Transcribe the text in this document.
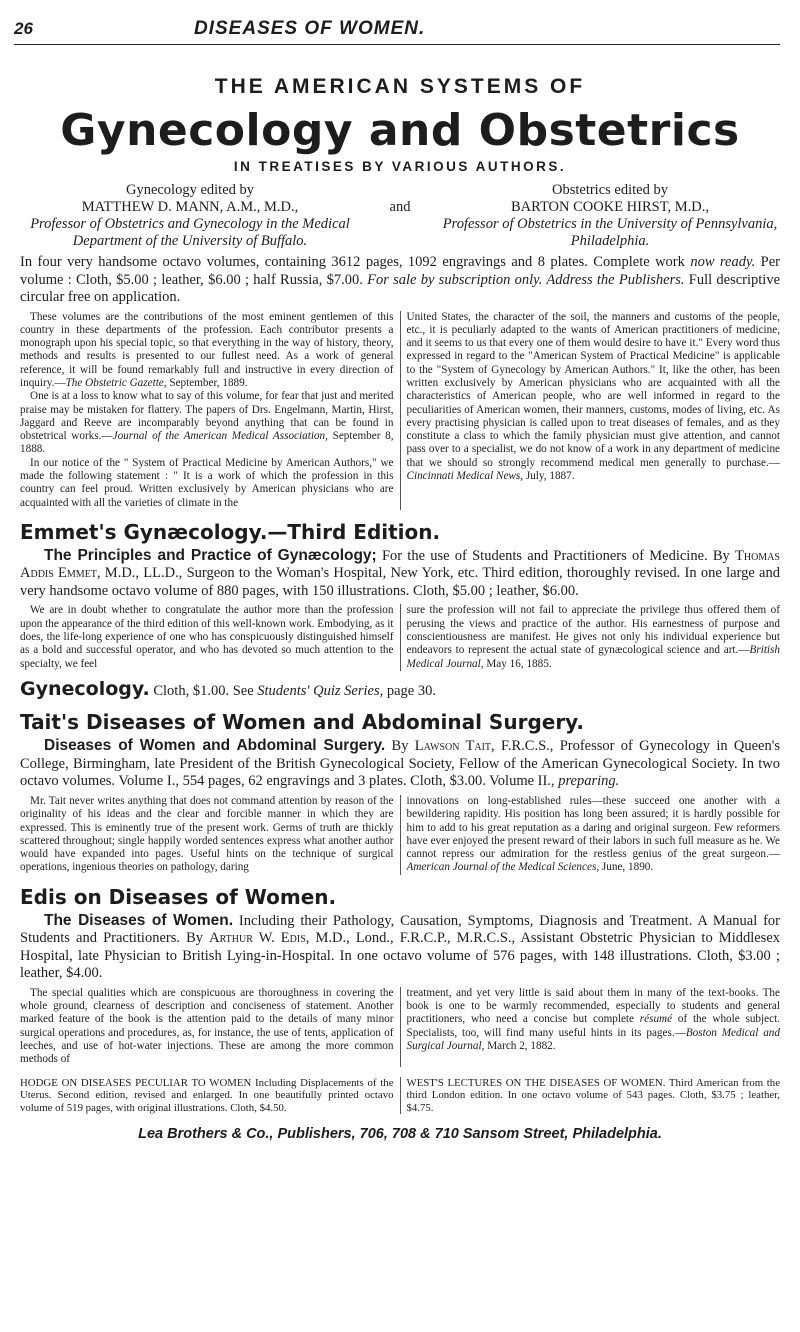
26	DISEASES OF WOMEN.
THE AMERICAN SYSTEMS OF
Gynecology and Obstetrics
IN TREATISES BY VARIOUS AUTHORS.
Gynecology edited by
MATTHEW D. MANN, A.M., M.D.,
Professor of Obstetrics and Gynecology in the Medical Department of the University of Buffalo.
and
Obstetrics edited by
BARTON COOKE HIRST, M.D.,
Professor of Obstetrics in the University of Pennsylvania, Philadelphia.
In four very handsome octavo volumes, containing 3612 pages, 1092 engravings and 8 plates. Complete work now ready. Per volume : Cloth, $5.00 ; leather, $6.00 ; half Russia, $7.00. For sale by subscription only. Address the Publishers. Full descriptive circular free on application.

These volumes are the contributions of the most eminent gentlemen of this country in these departments of the profession. Each contributor presents a monograph upon his special topic, so that everything in the way of history, theory, methods and results is presented to our fullest need. As a work of general reference, it will be found remarkably full and instructive in every direction of inquiry.—The Obstetric Gazette, September, 1889.

One is at a loss to know what to say of this volume, for fear that just and merited praise may be mistaken for flattery. The papers of Drs. Engelmann, Martin, Hirst, Jaggard and Reeve are incomparably beyond anything that can be found in obstetrical works.—Journal of the American Medical Association, September 8, 1888.

In our notice of the " System of Practical Medicine by American Authors," we made the following statement : " It is a work of which the profession in this country can feel proud. Written exclusively by American physicians who are acquainted with all the varieties of climate in the

United States, the character of the soil, the manners and customs of the people, etc., it is peculiarly adapted to the wants of American practitioners of medicine, and it seems to us that every one of them would desire to have it." Every word thus expressed in regard to the "American System of Practical Medicine" is applicable to the "System of Gynecology by American Authors." It, like the other, has been written exclusively by American physicians who are acquainted with all the characteristics of American people, who are well informed in regard to the peculiarities of American women, their manners, customs, modes of living, etc. As every practising physician is called upon to treat diseases of females, and as they constitute a class to which the family physician must give attention, and cannot pass over to a specialist, we do not know of a work in any department of medicine that we should so strongly recommend medical men generally to purchase.—Cincinnati Medical News, July, 1887.

Emmet's Gynæcology.—Third Edition.
The Principles and Practice of Gynæcology; For the use of Students and Practitioners of Medicine. By Thomas Addis Emmet, M.D., LL.D., Surgeon to the Woman's Hospital, New York, etc. Third edition, thoroughly revised. In one large and very handsome octavo volume of 880 pages, with 150 illustrations. Cloth, $5.00 ; leather, $6.00.

We are in doubt whether to congratulate the author more than the profession upon the appearance of the third edition of this well-known work. Embodying, as it does, the life-long experience of one who has conspicuously distinguished himself as a bold and successful operator, and who has devoted so much attention to the specialty, we feel

sure the profession will not fail to appreciate the privilege thus offered them of perusing the views and practice of the author. His earnestness of purpose and conscientiousness are manifest. He gives not only his individual experience but endeavors to represent the actual state of gynæcological science and art.—British Medical Journal, May 16, 1885.

Gynecology. Cloth, $1.00. See Students' Quiz Series, page 30.
Tait's Diseases of Women and Abdominal Surgery.
Diseases of Women and Abdominal Surgery. By Lawson Tait, F.R.C.S., Professor of Gynecology in Queen's College, Birmingham, late President of the British Gynecological Society, Fellow of the American Gynecological Society. In two octavo volumes. Volume I., 554 pages, 62 engravings and 3 plates. Cloth, $3.00. Volume II., preparing.

Mr. Tait never writes anything that does not command attention by reason of the originality of his ideas and the clear and forcible manner in which they are expressed. This is eminently true of the present work. Germs of truth are thickly scattered throughout; single happily worded sentences express what another author would have expanded into pages. Useful hints on the technique of surgical operations, ingenious theories on pathology, daring

innovations on long-established rules—these succeed one another with a bewildering rapidity. His position has long been assured; it is hardly possible for him to add to his great reputation as a daring and original surgeon. Few reformers have ever enjoyed the present reward of their labors in such full measure as he. We cannot repress our admiration for the restless genius of the great surgeon.—American Journal of the Medical Sciences, June, 1890.

Edis on Diseases of Women.
The Diseases of Women. Including their Pathology, Causation, Symptoms, Diagnosis and Treatment. A Manual for Students and Practitioners. By Arthur W. Edis, M.D., Lond., F.R.C.P., M.R.C.S., Assistant Obstetric Physician to Middlesex Hospital, late Physician to British Lying-in-Hospital. In one octavo volume of 576 pages, with 148 illustrations. Cloth, $3.00 ; leather, $4.00.

The special qualities which are conspicuous are thoroughness in covering the whole ground, clearness of description and conciseness of statement. Another marked feature of the book is the attention paid to the details of many minor surgical operations and procedures, as, for instance, the use of tents, application of leeches, and use of hot-water injections. These are among the more common methods of

treatment, and yet very little is said about them in many of the text-books. The book is one to be warmly recommended, especially to students and general practitioners, who need a concise but complete résumé of the whole subject. Specialists, too, will find many useful hints in its pages.—Boston Medical and Surgical Journal, March 2, 1882.

HODGE ON DISEASES PECULIAR TO WOMEN Including Displacements of the Uterus. Second edition, revised and enlarged. In one beautifully printed octavo volume of 519 pages, with original illustrations. Cloth, $4.50.
WEST'S LECTURES ON THE DISEASES OF WOMEN. Third American from the third London edition. In one octavo volume of 543 pages. Cloth, $3.75 ; leather, $4.75.
Lea Brothers & Co., Publishers, 706, 708 & 710 Sansom Street, Philadelphia.
